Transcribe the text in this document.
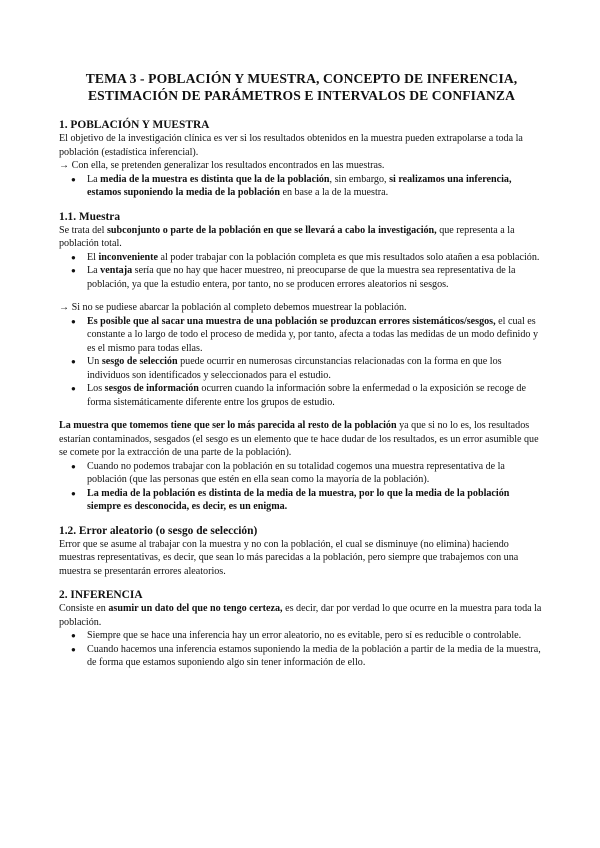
TEMA 3 - POBLACIÓN Y MUESTRA, CONCEPTO DE INFERENCIA,
ESTIMACIÓN DE PARÁMETROS E INTERVALOS DE CONFIANZA
1. POBLACIÓN Y MUESTRA

El objetivo de la investigación clínica es ver si los resultados obtenidos en la muestra pueden extrapolarse a toda la población (estadística inferencial).

→ Con ella, se pretenden generalizar los resultados encontrados en las muestras.

● La media de la muestra es distinta que la de la población, sin embargo, si realizamos una inferencia, estamos suponiendo la media de la población en base a la de la muestra.
1.1. Muestra

Se trata del subconjunto o parte de la población en que se llevará a cabo la investigación, que representa a la población total.

● El inconveniente al poder trabajar con la población completa es que mis resultados solo atañen a esa población.
● La ventaja sería que no hay que hacer muestreo, ni preocuparse de que la muestra sea representativa de la población, ya que la estudio entera, por tanto, no se producen errores aleatorios ni sesgos.

→ Si no se pudiese abarcar la población al completo debemos muestrear la población.

● Es posible que al sacar una muestra de una población se produzcan errores sistemáticos/sesgos, el cual es constante a lo largo de todo el proceso de medida y, por tanto, afecta a todas las medidas de un modo definido y es el mismo para todas ellas.
● Un sesgo de selección puede ocurrir en numerosas circunstancias relacionadas con la forma en que los individuos son identificados y seleccionados para el estudio.
● Los sesgos de información ocurren cuando la información sobre la enfermedad o la exposición se recoge de forma sistemáticamente diferente entre los grupos de estudio.

La muestra que tomemos tiene que ser lo más parecida al resto de la población ya que si no lo es, los resultados estarían contaminados, sesgados (el sesgo es un elemento que te hace dudar de los resultados, es un error asumible que se comete por la extracción de una parte de la población).

● Cuando no podemos trabajar con la población en su totalidad cogemos una muestra representativa de la población (que las personas que estén en ella sean como la mayoría de la población).
● La media de la población es distinta de la media de la muestra, por lo que la media de la población siempre es desconocida, es decir, es un enigma.
1.2. Error aleatorio (o sesgo de selección)

Error que se asume al trabajar con la muestra y no con la población, el cual se disminuye (no elimina) haciendo muestras representativas, es decir, que sean lo más parecidas a la población, pero siempre que trabajemos con una muestra se presentarán errores aleatorios.

2. INFERENCIA

Consiste en asumir un dato del que no tengo certeza, es decir, dar por verdad lo que ocurre en la muestra para toda la población.

● Siempre que se hace una inferencia hay un error aleatorio, no es evitable, pero sí es reducible o controlable.
● Cuando hacemos una inferencia estamos suponiendo la media de la población a partir de la media de la muestra, de forma que estamos suponiendo algo sin tener información de ello.
